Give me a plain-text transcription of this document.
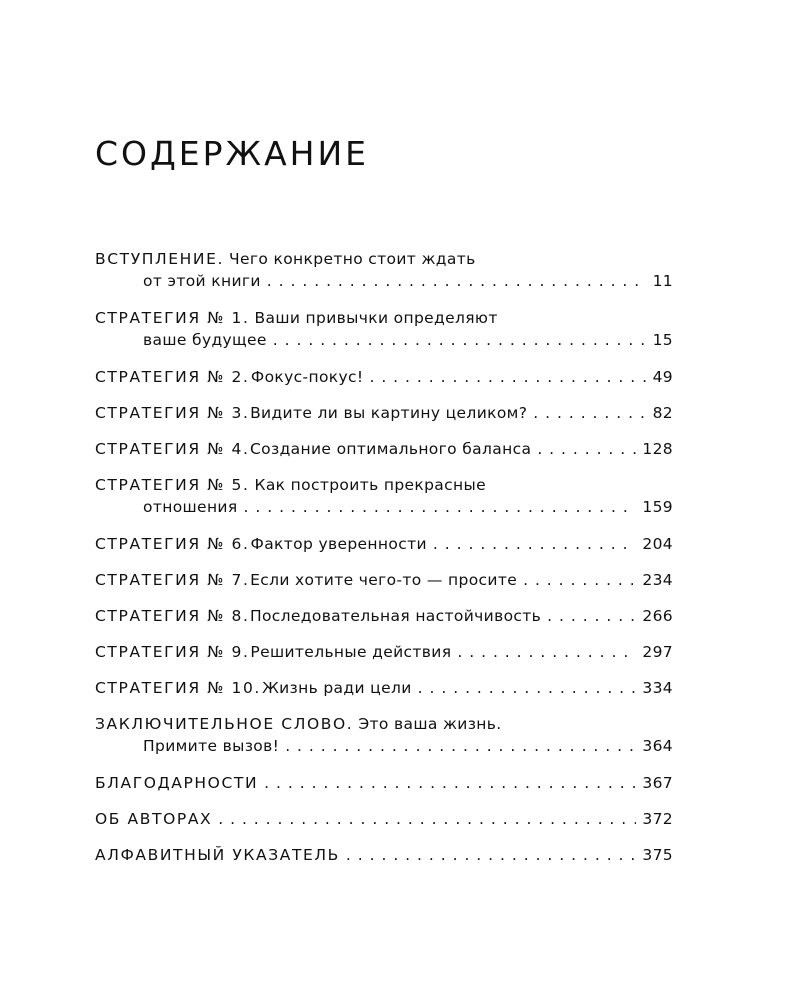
СОДЕРЖАНИЕ
ВСТУПЛЕНИЕ. Чего конкретно стоит ждать
от этой книги . . .	11
СТРАТЕГИЯ № 1. Ваши привычки определяют
ваше будущее . . .	15
СТРАТЕГИЯ № 2. Фокус-покус! . . .	49
СТРАТЕГИЯ № 3. Видите ли вы картину целиком? . . .	82
СТРАТЕГИЯ № 4. Создание оптимального баланса . . .	128
СТРАТЕГИЯ № 5. Как построить прекрасные
отношения . . .	159
СТРАТЕГИЯ № 6. Фактор уверенности . . .	204
СТРАТЕГИЯ № 7. Если хотите чего-то — просите . . .	234
СТРАТЕГИЯ № 8. Последовательная настойчивость . . .	266
СТРАТЕГИЯ № 9. Решительные действия . . .	297
СТРАТЕГИЯ № 10. Жизнь ради цели . . .	334
ЗАКЛЮЧИТЕЛЬНОЕ СЛОВО. Это ваша жизнь.
Примите вызов! . . .	364
БЛАГОДАРНОСТИ . . .	367
ОБ АВТОРАХ . . .	372
АЛФАВИТНЫЙ УКАЗАТЕЛЬ . . .	375
